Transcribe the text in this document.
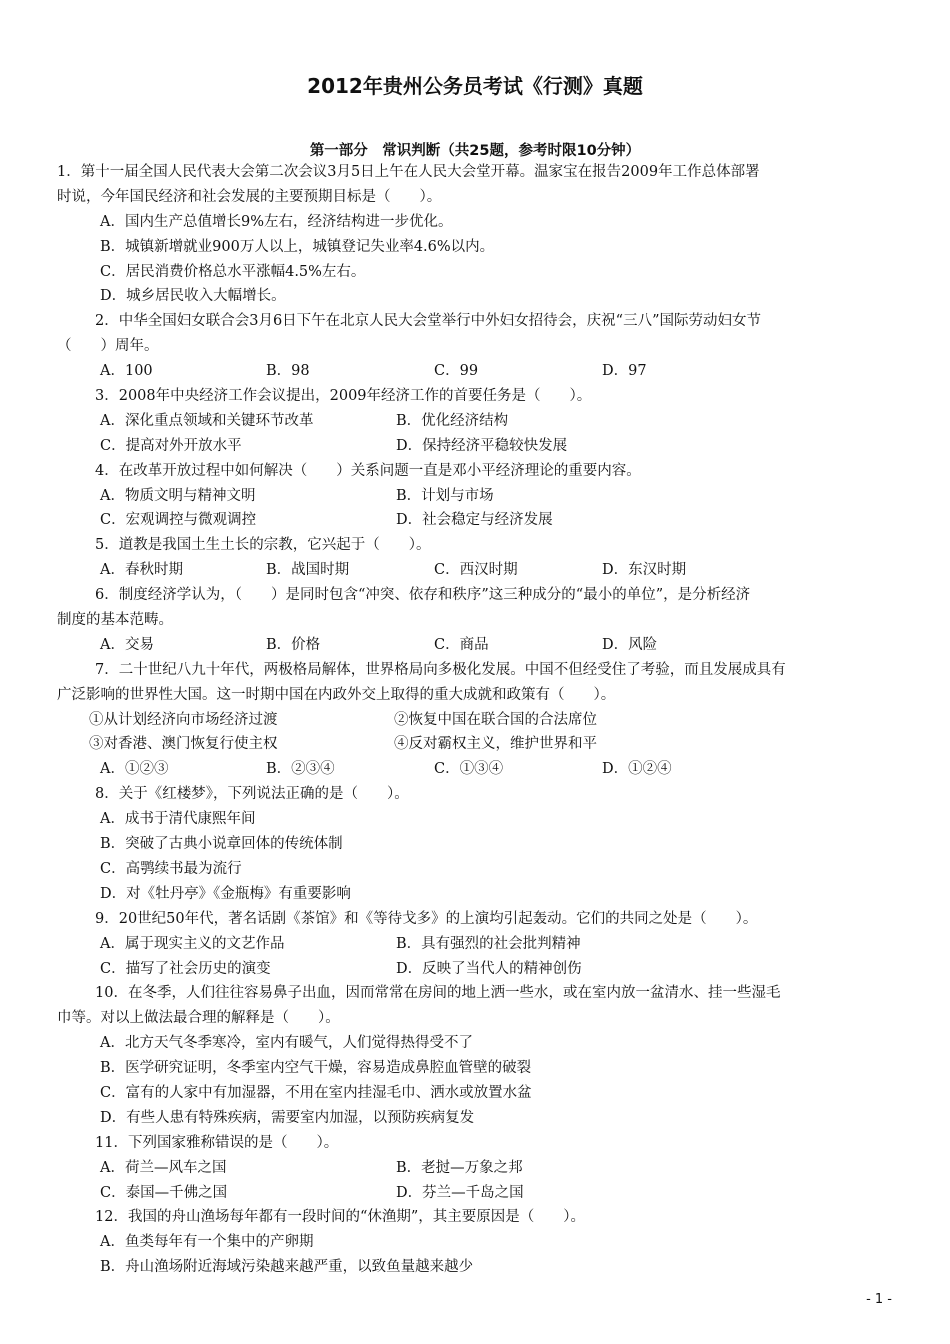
2012年贵州公务员考试《行测》真题
第一部分　常识判断（共25题，参考时限10分钟）
1．第十一届全国人民代表大会第二次会议3月5日上午在人民大会堂开幕。温家宝在报告2009年工作总体部署
时说，今年国民经济和社会发展的主要预期目标是（　　）。
A．国内生产总值增长9%左右，经济结构进一步优化。
B．城镇新增就业900万人以上，城镇登记失业率4.6%以内。
C．居民消费价格总水平涨幅4.5%左右。
D．城乡居民收入大幅增长。
2．中华全国妇女联合会3月6日下午在北京人民大会堂举行中外妇女招待会，庆祝“三八”国际劳动妇女节
（　　）周年。
A．100	B．98	C．99	D．97
3．2008年中央经济工作会议提出，2009年经济工作的首要任务是（　　）。
A．深化重点领域和关键环节改革	B．优化经济结构
C．提高对外开放水平	D．保持经济平稳较快发展
4．在改革开放过程中如何解决（　　）关系问题一直是邓小平经济理论的重要内容。
A．物质文明与精神文明	B．计划与市场
C．宏观调控与微观调控	D．社会稳定与经济发展
5．道教是我国土生土长的宗教，它兴起于（　　）。
A．春秋时期	B．战国时期	C．西汉时期	D．东汉时期
6．制度经济学认为，（　　）是同时包含“冲突、依存和秩序”这三种成分的“最小的单位”，是分析经济
制度的基本范畴。
A．交易	B．价格	C．商品	D．风险
7．二十世纪八九十年代，两极格局解体，世界格局向多极化发展。中国不但经受住了考验，而且发展成具有
广泛影响的世界性大国。这一时期中国在内政外交上取得的重大成就和政策有（　　）。
①从计划经济向市场经济过渡	②恢复中国在联合国的合法席位
③对香港、澳门恢复行使主权	④反对霸权主义，维护世界和平
A．①②③	B．②③④	C．①③④	D．①②④
8．关于《红楼梦》，下列说法正确的是（　　）。
A．成书于清代康熙年间
B．突破了古典小说章回体的传统体制
C．高鹗续书最为流行
D．对《牡丹亭》《金瓶梅》有重要影响
9．20世纪50年代，著名话剧《茶馆》和《等待戈多》的上演均引起轰动。它们的共同之处是（　　）。
A．属于现实主义的文艺作品	B．具有强烈的社会批判精神
C．描写了社会历史的演变	D．反映了当代人的精神创伤
10．在冬季，人们往往容易鼻子出血，因而常常在房间的地上洒一些水，或在室内放一盆清水、挂一些湿毛
巾等。对以上做法最合理的解释是（　　）。
A．北方天气冬季寒冷，室内有暖气，人们觉得热得受不了
B．医学研究证明，冬季室内空气干燥，容易造成鼻腔血管壁的破裂
C．富有的人家中有加湿器，不用在室内挂湿毛巾、洒水或放置水盆
D．有些人患有特殊疾病，需要室内加湿，以预防疾病复发
11．下列国家雅称错误的是（　　）。
A．荷兰—风车之国	B．老挝—万象之邦
C．泰国—千佛之国	D．芬兰—千岛之国
12．我国的舟山渔场每年都有一段时间的“休渔期”，其主要原因是（　　）。
A．鱼类每年有一个集中的产卵期
B．舟山渔场附近海域污染越来越严重，以致鱼量越来越少
- 1 -
